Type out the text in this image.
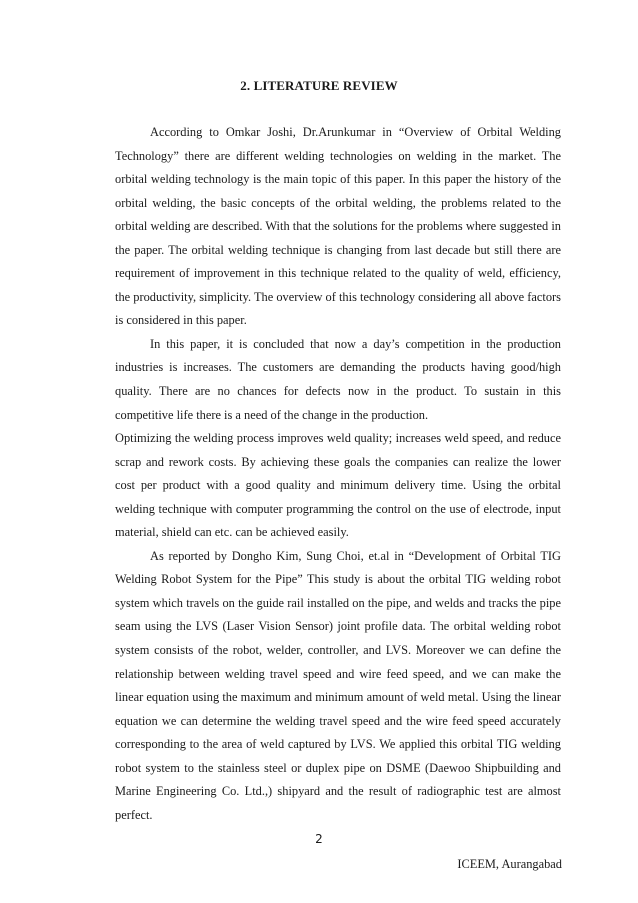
2. LITERATURE REVIEW

According to Omkar Joshi, Dr.Arunkumar in “Overview of Orbital Welding Technology” there are different welding technologies on welding in the market. The orbital welding technology is the main topic of this paper. In this paper the history of the orbital welding, the basic concepts of the orbital welding, the problems related to the orbital welding are described. With that the solutions for the problems where suggested in the paper. The orbital welding technique is changing from last decade but still there are requirement of improvement in this technique related to the quality of weld, efficiency, the productivity, simplicity. The overview of this technology considering all above factors is considered in this paper.

In this paper, it is concluded that now a day’s competition in the production industries is increases. The customers are demanding the products having good/high quality. There are no chances for defects now in the product. To sustain in this competitive life there is a need of the change in the production.

Optimizing the welding process improves weld quality; increases weld speed, and reduce scrap and rework costs. By achieving these goals the companies can realize the lower cost per product with a good quality and minimum delivery time. Using the orbital welding technique with computer programming the control on the use of electrode, input material, shield can etc. can be achieved easily.

As reported by Dongho Kim, Sung Choi, et.al in “Development of Orbital TIG Welding Robot System for the Pipe” This study is about the orbital TIG welding robot system which travels on the guide rail installed on the pipe, and welds and tracks the pipe seam using the LVS (Laser Vision Sensor) joint profile data. The orbital welding robot system consists of the robot, welder, controller, and LVS. Moreover we can define the relationship between welding travel speed and wire feed speed, and we can make the linear equation using the maximum and minimum amount of weld metal. Using the linear equation we can determine the welding travel speed and the wire feed speed accurately corresponding to the area of weld captured by LVS. We applied this orbital TIG welding robot system to the stainless steel or duplex pipe on DSME (Daewoo Shipbuilding and Marine Engineering Co. Ltd.,) shipyard and the result of radiographic test are almost perfect.

2
ICEEM, Aurangabad
